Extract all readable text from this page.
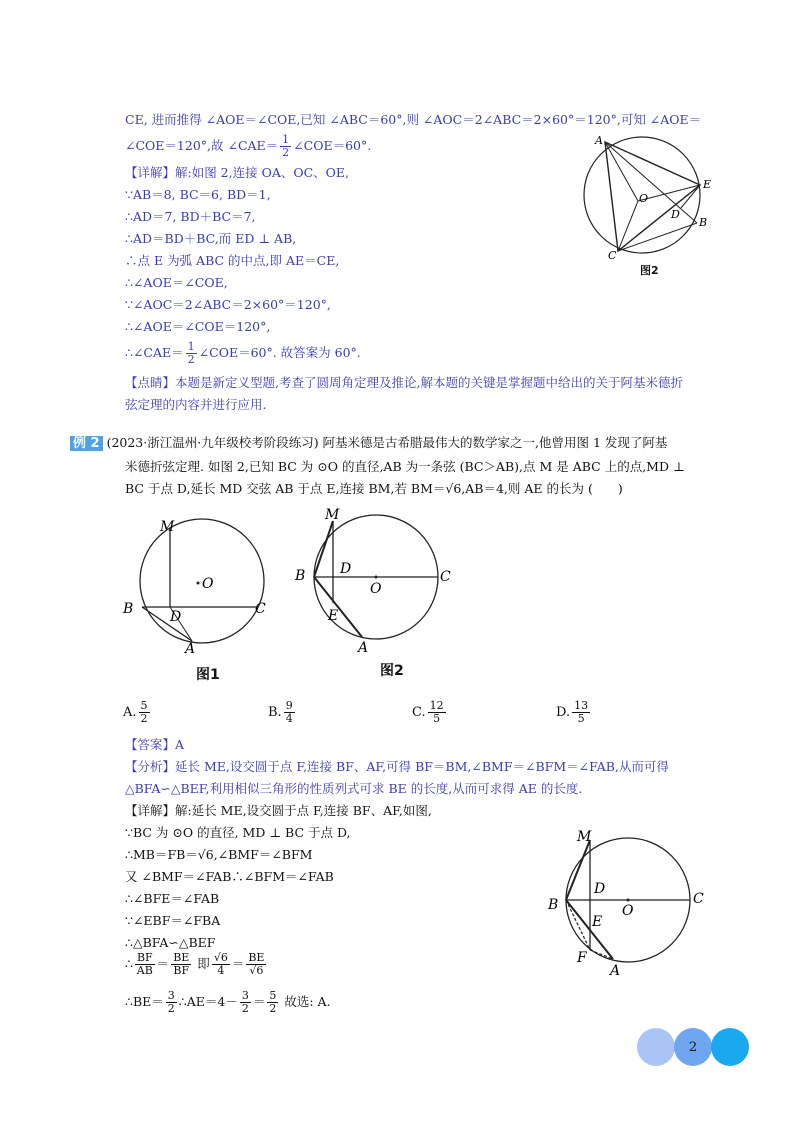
CE, 进而推得 ∠AOE＝∠COE,已知 ∠ABC＝60°,则 ∠AOC＝2∠ABC＝2×60°＝120°,可知 ∠AOE＝
∠COE＝120°,故 ∠CAE＝ $\frac{1}{2}$ ∠COE＝60°.
【详解】解:如图 2,连接 OA、OC、OE,
∵AB＝8, BC＝6, BD＝1,
∴AD＝7, BD＋BC＝7,
∴AD＝BD＋BC,而 ED ⊥ AB,
∴点 E 为弧 ABC 的中点,即 AE＝CE,
∴∠AOE＝∠COE,
∵∠AOC＝2∠ABC＝2×60°＝120°,
∴∠AOE＝∠COE＝120°,
∴∠CAE＝ $\frac{1}{2}$ ∠COE＝60°. 故答案为 60°.
A
E
O
D
B
C
图2
【点睛】本题是新定义型题,考查了圆周角定理及推论,解本题的关键是掌握题中给出的关于阿基米德折
弦定理的内容并进行应用.
例 2 (2023·浙江温州·九年级校考阶段练习) 阿基米德是古希腊最伟大的数学家之一,他曾用图 1 发现了阿基
米德折弦定理. 如图 2,已知 BC 为 ⊙O 的直径,AB 为一条弦 (BC＞AB),点 M 是 ABC 上的点,MD ⊥
BC 于点 D,延长 MD 交弦 AB 于点 E,连接 BM,若 BM＝√6,AB＝4,则 AE 的长为 (　　)
M
O
B	D	C
A
图1
M
B D
O
C
E
A
图2
A. $\frac{5}{2}$	B. $\frac{9}{4}$	C. $\frac{12}{5}$	D. $\frac{13}{5}$
【答案】A
【分析】延长 ME,设交圆于点 F,连接 BF、AF,可得 BF＝BM,∠BMF＝∠BFM＝∠FAB,从而可得
△BFA∽△BEF,利用相似三角形的性质列式可求 BE 的长度,从而可求得 AE 的长度.
【详解】解:延长 ME,设交圆于点 F,连接 BF、AF,如图,
∵BC 为 ⊙O 的直径, MD ⊥ BC 于点 D,
∴MB＝FB＝√6,∠BMF＝∠BFM
又 ∠BMF＝∠FAB∴∠BFM＝∠FAB
∴∠BFE＝∠FAB
∵∠EBF＝∠FBA
∴△BFA∽△BEF
∴ $\frac{BF}{AB} = \frac{BE}{BF}$ 即 $\frac{√6}{4} = \frac{BE}{√6}$
∴BE＝ $\frac{3}{2}$ ∴AE＝4－ $\frac{3}{2} = \frac{5}{2}$ 故选: A.
M
B
D
O
C
E
F
A
2
